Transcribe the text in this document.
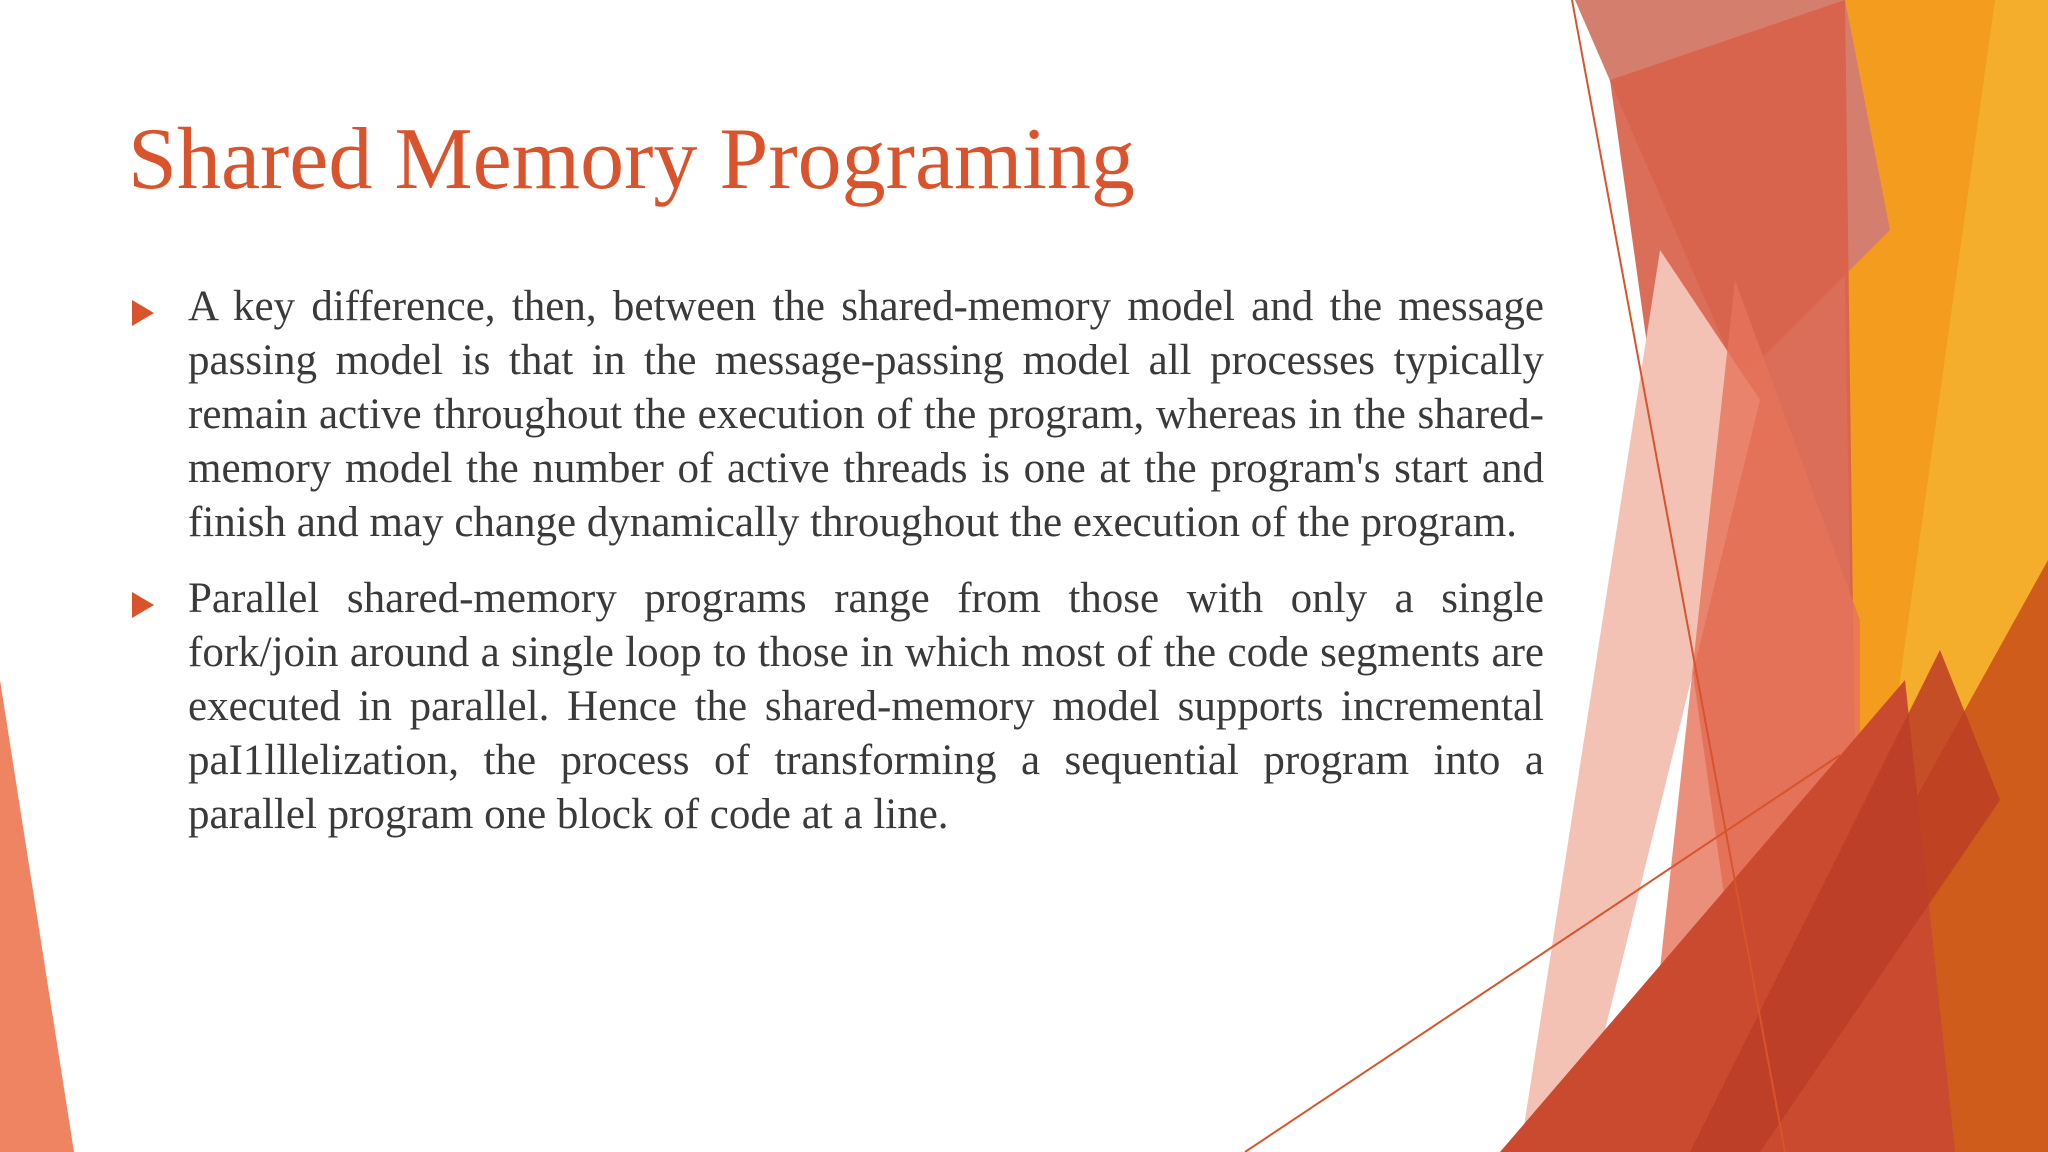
Shared Memory Programing
A key difference, then, between the shared-memory model and the message passing model is that in the message-passing model all processes typically remain active throughout the execution of the program, whereas in the shared-memory model the number of active threads is one at the program's start and finish and may change dynamically throughout the execution of the program.
Parallel shared-memory programs range from those with only a single fork/join around a single loop to those in which most of the code segments are executed in parallel. Hence the shared-memory model supports incremental paI1lllelization, the process of transforming a sequential program into a parallel program one block of code at a line.
